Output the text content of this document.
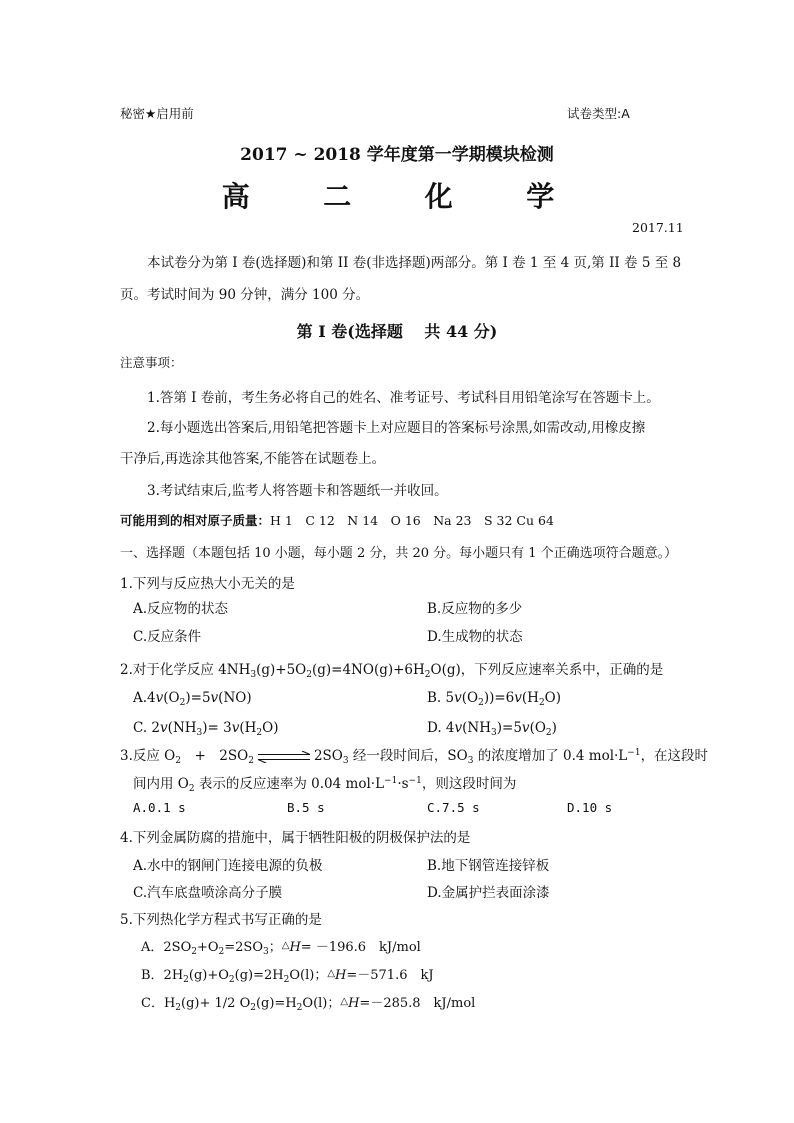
秘密★启用前	试卷类型:A
2017 ~ 2018 学年度第一学期模块检测
高  二  化  学
2017.11
本试卷分为第 I 卷(选择题)和第 II 卷(非选择题)两部分。第 I 卷 1 至 4 页,第 II 卷 5 至 8
页。考试时间为 90 分钟，满分 100 分。
第 I 卷(选择题　 共 44 分)
注意事项：
1.答第 I 卷前，考生务必将自己的姓名、准考证号、考试科目用铅笔涂写在答题卡上。
2.每小题选出答案后,用铅笔把答题卡上对应题目的答案标号涂黑,如需改动,用橡皮擦
干净后,再选涂其他答案,不能答在试题卷上。
3.考试结束后,监考人将答题卡和答题纸一并收回。
可能用到的相对原子质量：H 1　C 12　N 14　O 16　Na 23　S 32 Cu 64
一、选择题（本题包括 10 小题，每小题 2 分，共 20 分。每小题只有 1 个正确选项符合题意。）
1.下列与反应热大小无关的是
A.反应物的状态	B.反应物的多少
C.反应条件	D.生成物的状态
2.对于化学反应 $4NH_3(g)+5O_2(g)=4NO(g)+6H_2O(g)$，下列反应速率关系中，正确的是
$A.4v(O_2)=5v(NO)$	B. $5v(O_2))=6v(H_2O)$
C. $2v(NH_3)= 3v(H_2O)$	D. $4v(NH_3)=5v(O_2)$
3.反应 $O_2$　+　$2SO_2$	$2SO_3$ 经一段时间后，$SO_3$ 的浓度增加了 0.4 $mol\cdot L^{-1}$，在这段时
间内用 $O_2$ 表示的反应速率为 0.04 $mol\cdot L^{-1}\cdot s^{-1}$，则这段时间为
A.0.1 s	B.5 s	C.7.5 s	D.10 s
4.下列金属防腐的措施中，属于牺牲阳极的阴极保护法的是
A.水中的钢闸门连接电源的负极	B.地下钢管连接锌板
C.汽车底盘喷涂高分子膜	D.金属护拦表面涂漆
5.下列热化学方程式书写正确的是
A．$2SO_2+O_2=2SO_3$；△H= －196.6　kJ/mol
B．$2H_2(g)+O_2(g)=2H_2O(l)$；△H=－571.6　kJ
C．$H_2(g)+ 1/2$ $O_2(g)=H_2O(l)$；△H=－285.8　kJ/mol
